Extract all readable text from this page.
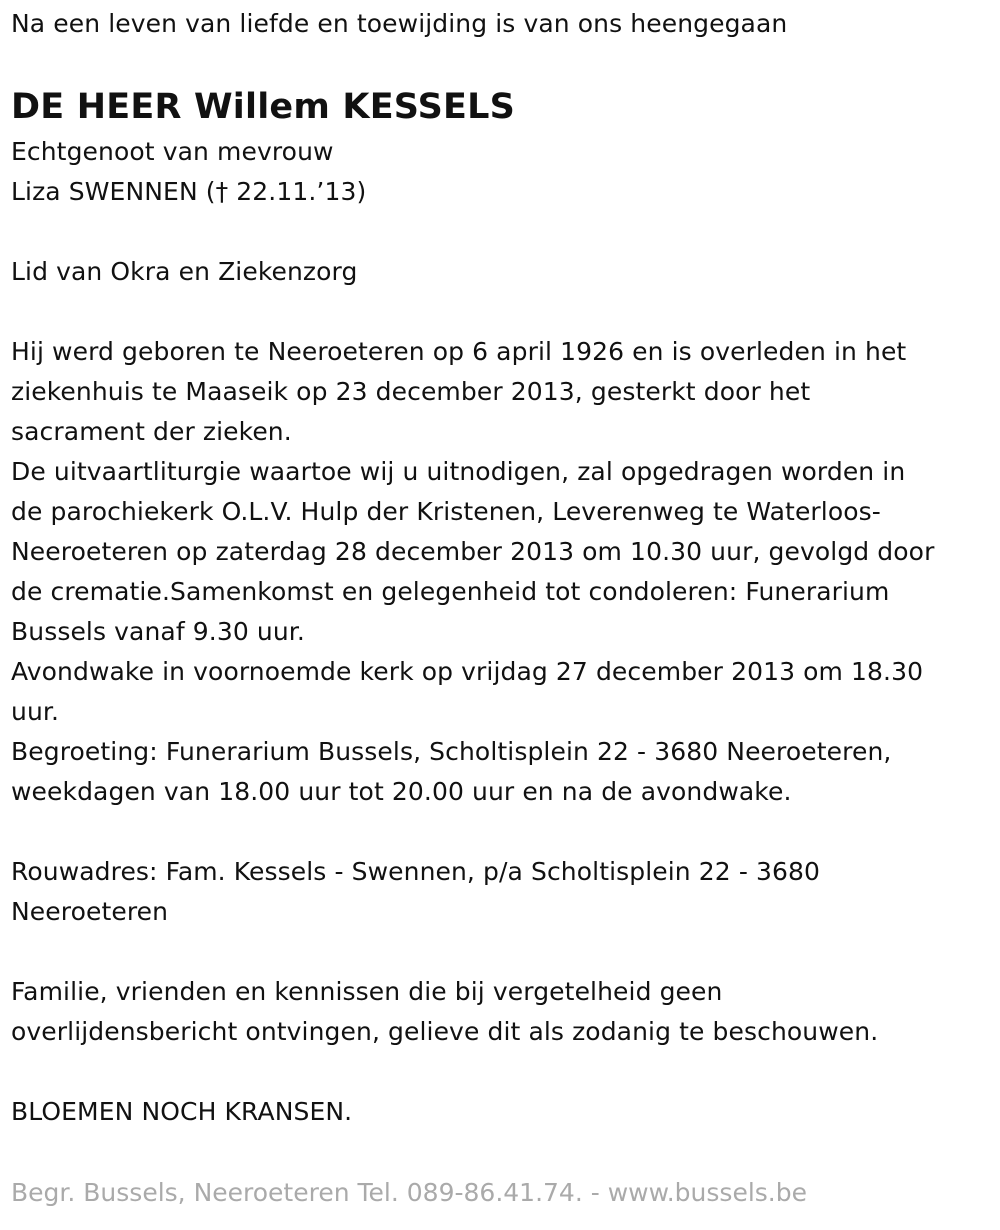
Na een leven van liefde en toewijding is van ons heengegaan
DE HEER Willem KESSELS
Echtgenoot van mevrouw
Liza SWENNEN († 22.11.’13)
Lid van Okra en Ziekenzorg
Hij werd geboren te Neeroeteren op 6 april 1926 en is overleden in het
ziekenhuis te Maaseik op 23 december 2013, gesterkt door het
sacrament der zieken.
De uitvaartliturgie waartoe wij u uitnodigen, zal opgedragen worden in
de parochiekerk O.L.V. Hulp der Kristenen, Leverenweg te Waterloos-
Neeroeteren op zaterdag 28 december 2013 om 10.30 uur, gevolgd door
de crematie.Samenkomst en gelegenheid tot condoleren: Funerarium
Bussels vanaf 9.30 uur.
Avondwake in voornoemde kerk op vrijdag 27 december 2013 om 18.30
uur.
Begroeting: Funerarium Bussels, Scholtisplein 22 - 3680 Neeroeteren,
weekdagen van 18.00 uur tot 20.00 uur en na de avondwake.
Rouwadres: Fam. Kessels - Swennen, p/a Scholtisplein 22 - 3680
Neeroeteren
Familie, vrienden en kennissen die bij vergetelheid geen
overlijdensbericht ontvingen, gelieve dit als zodanig te beschouwen.
BLOEMEN NOCH KRANSEN.
Begr. Bussels, Neeroeteren Tel. 089-86.41.74. - www.bussels.be
